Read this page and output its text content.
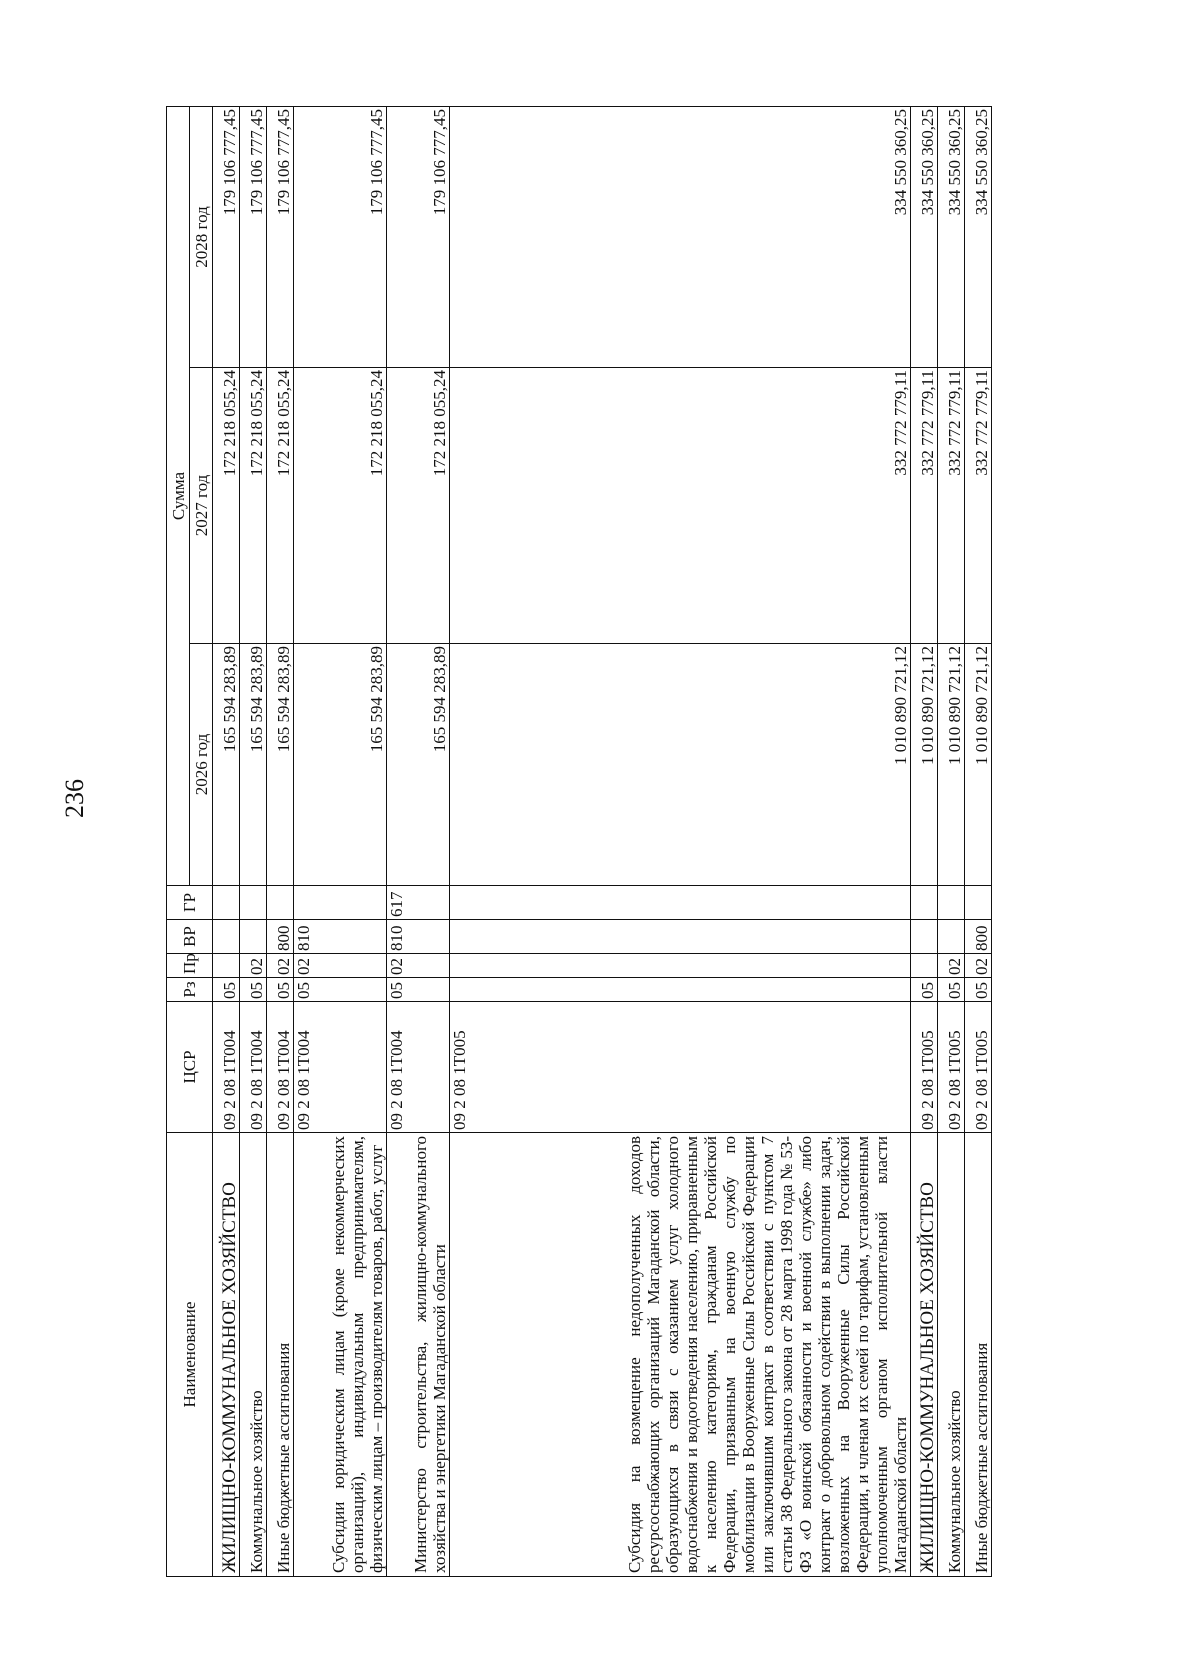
236
Наименование	ЦСР	Рз	Пр	ВР	ГР	Сумма		
						2026 год	2027 год	2028 год
ЖИЛИЩНО-КОММУНАЛЬНОЕ ХОЗЯЙСТВО	09 2 08 1Т004	05				165 594 283,89	172 218 055,24	179 106 777,45
Коммунальное хозяйство	09 2 08 1Т004	05	02			165 594 283,89	172 218 055,24	179 106 777,45
Иные бюджетные ассигнования	09 2 08 1Т004	05	02	800		165 594 283,89	172 218 055,24	179 106 777,45
Субсидии юридическим лицам (кроме некоммерческих организаций), индивидуальным предпринимателям, физическим лицам – производителям товаров, работ, услуг	09 2 08 1Т004	05	02	810		165 594 283,89	172 218 055,24	179 106 777,45
Министерство строительства, жилищно-коммунального хозяйства и энергетики Магаданской области	09 2 08 1Т004	05	02	810	617	165 594 283,89	172 218 055,24	179 106 777,45
Субсидия на возмещение недополученных доходов ресурсоснабжающих организаций Магаданской области, образующихся в связи с оказанием услуг холодного водоснабжения и водоотведения населению, приравненным к населению категориям, гражданам Российской Федерации, призванным на военную службу по мобилизации в Вооруженные Силы Российской Федерации или заключившим контракт в соответствии с пунктом 7 статьи 38 Федерального закона от 28 марта 1998 года № 53-ФЗ «О воинской обязанности и военной службе» либо контракт о добровольном содействии в выполнении задач, возложенных на Вооруженные Силы Российской Федерации, и членам их семей по тарифам, установленным уполномоченным органом исполнительной власти Магаданской области	09 2 08 1Т005					1 010 890 721,12	332 772 779,11	334 550 360,25
ЖИЛИЩНО-КОММУНАЛЬНОЕ ХОЗЯЙСТВО	09 2 08 1Т005	05				1 010 890 721,12	332 772 779,11	334 550 360,25
Коммунальное хозяйство	09 2 08 1Т005	05	02			1 010 890 721,12	332 772 779,11	334 550 360,25
Иные бюджетные ассигнования	09 2 08 1Т005	05	02	800		1 010 890 721,12	332 772 779,11	334 550 360,25
